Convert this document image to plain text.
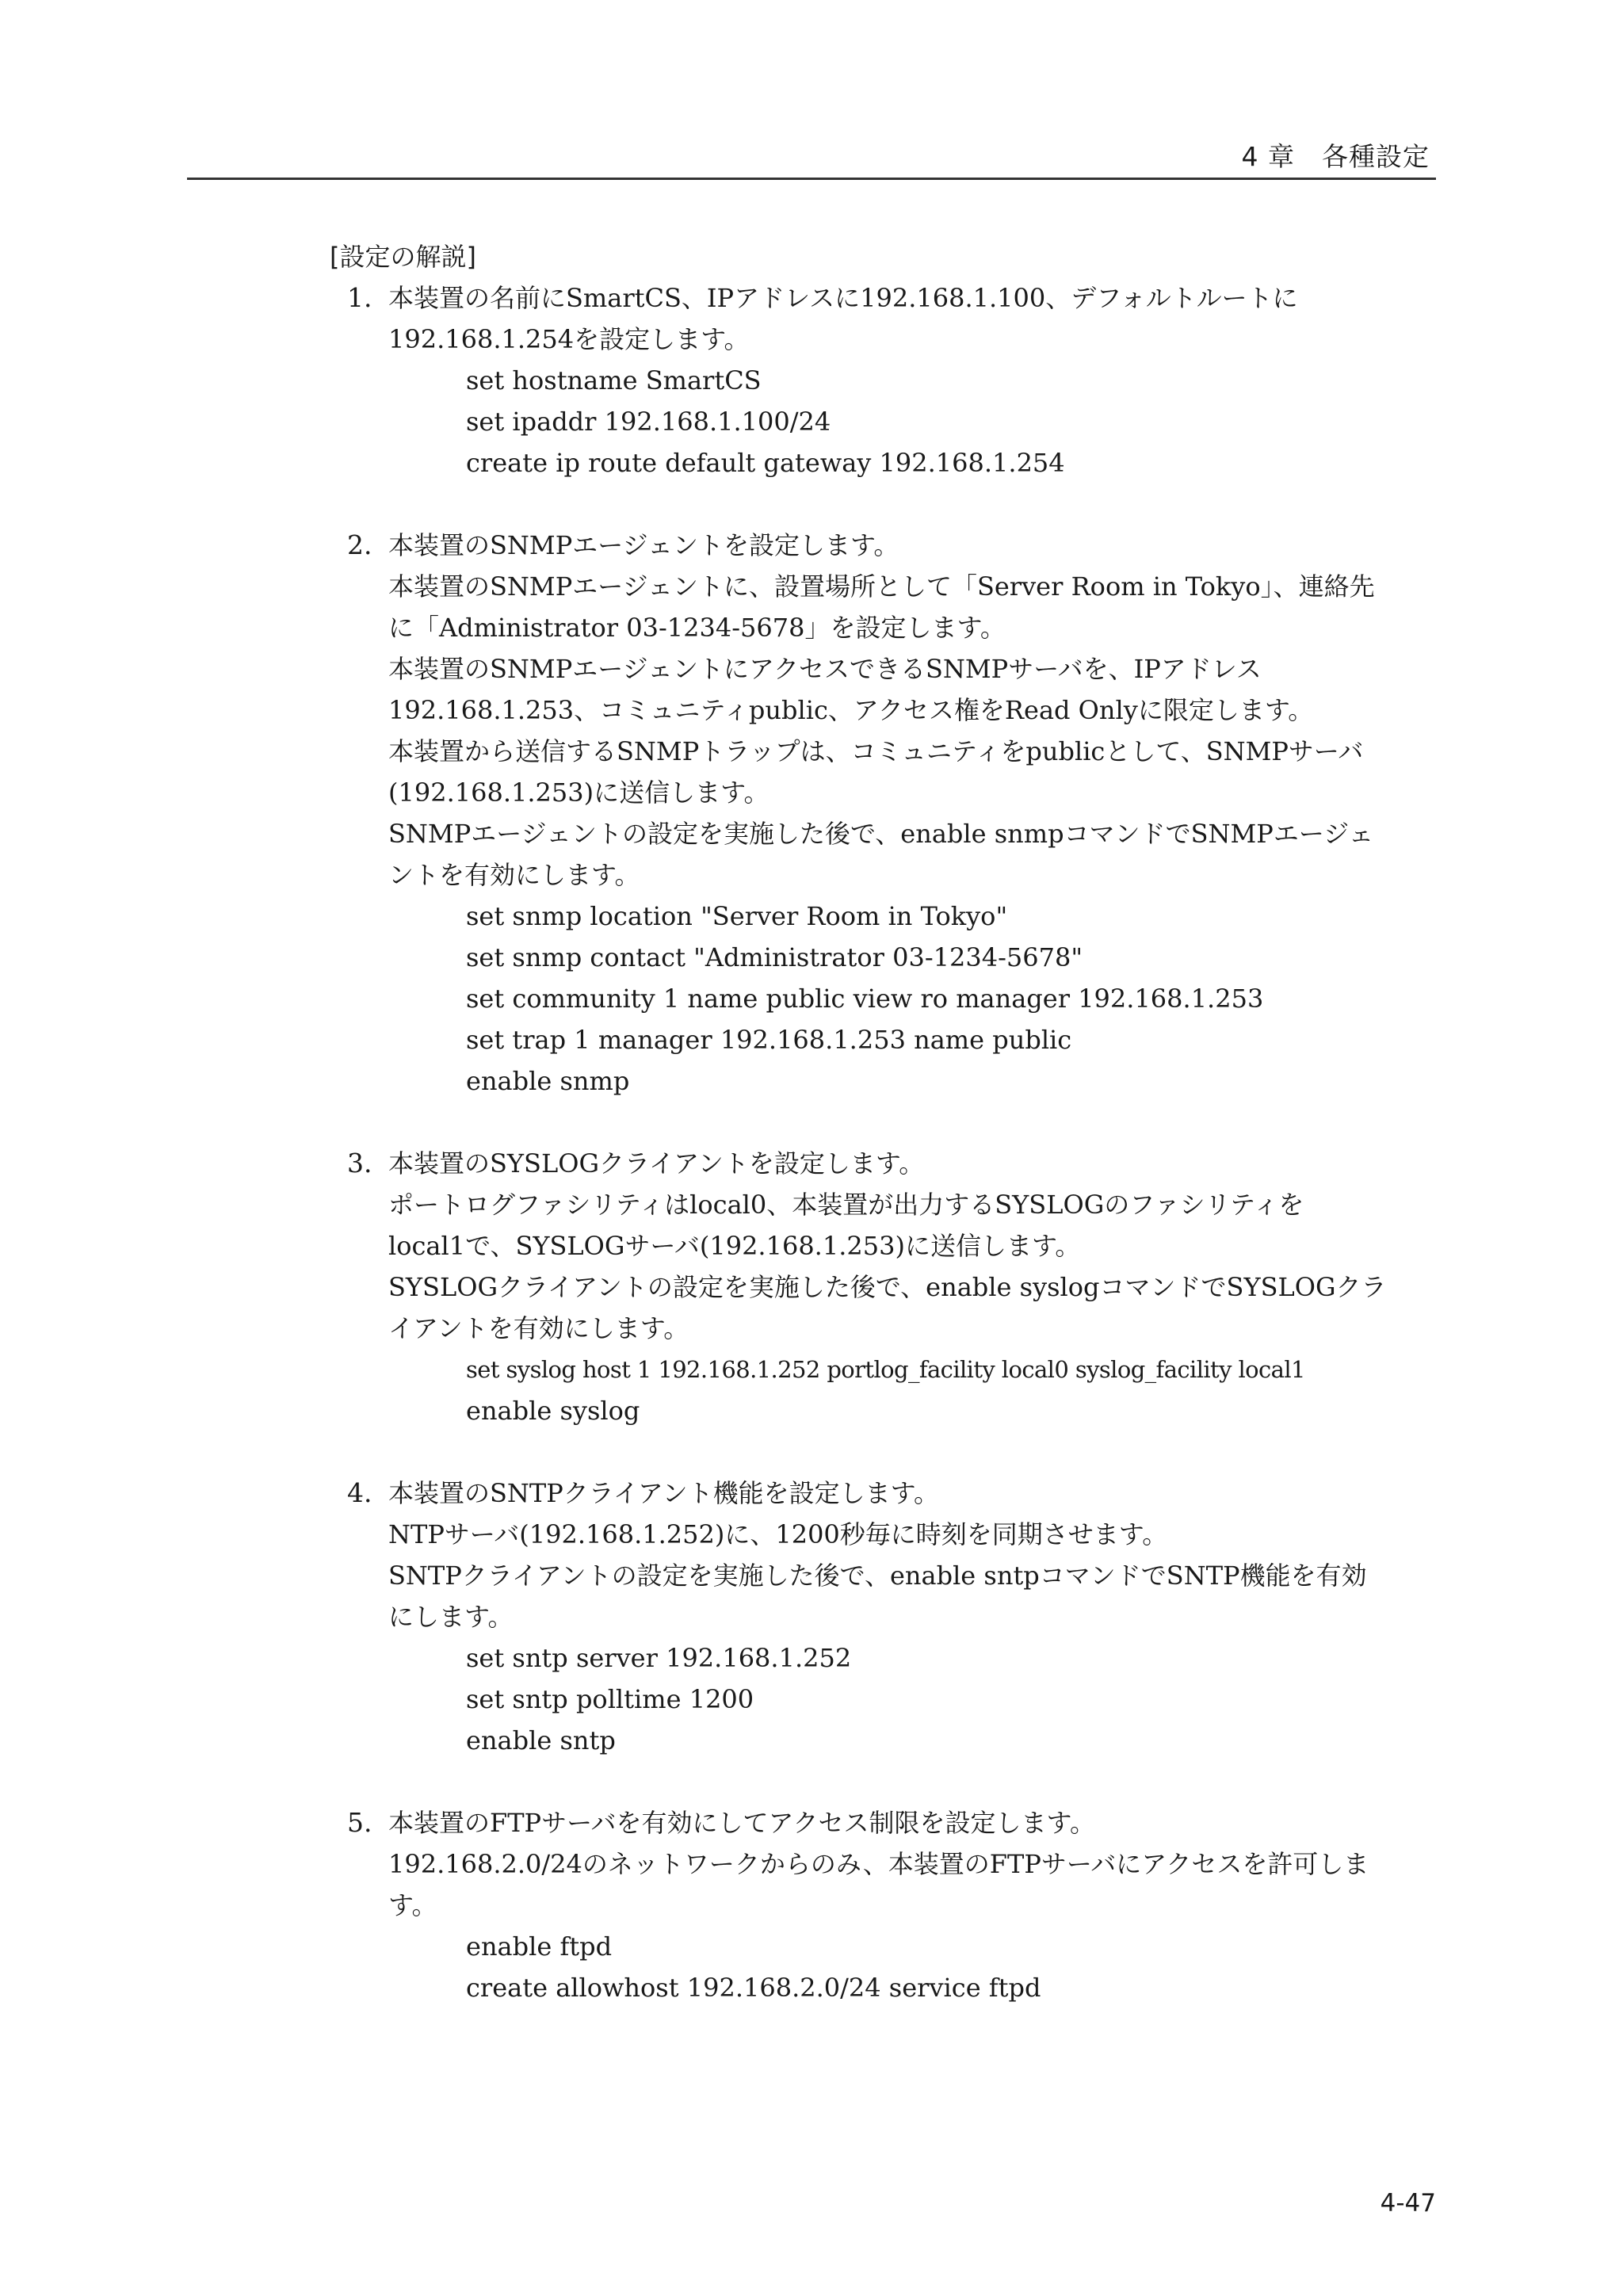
4 章　各種設定
[設定の解説]
1. 本装置の名前にSmartCS、IPアドレスに192.168.1.100、デフォルトルートに

192.168.1.254を設定します。

set hostname SmartCS
set ipaddr 192.168.1.100/24
create ip route default gateway 192.168.1.254
2. 本装置のSNMPエージェントを設定します。

本装置のSNMPエージェントに、設置場所として「Server Room in Tokyo」、連絡先

に「Administrator 03-1234-5678」を設定します。

本装置のSNMPエージェントにアクセスできるSNMPサーバを、IPアドレス

192.168.1.253、コミュニティpublic、アクセス権をRead Onlyに限定します。

本装置から送信するSNMPトラップは、コミュニティをpublicとして、SNMPサーバ

(192.168.1.253)に送信します。

SNMPエージェントの設定を実施した後で、enable snmpコマンドでSNMPエージェ

ントを有効にします。

set snmp location "Server Room in Tokyo"
set snmp contact "Administrator 03-1234-5678"
set community 1 name public view ro manager 192.168.1.253
set trap 1 manager 192.168.1.253 name public
enable snmp
3. 本装置のSYSLOGクライアントを設定します。

ポートログファシリティはlocal0、本装置が出力するSYSLOGのファシリティを

local1で、SYSLOGサーバ(192.168.1.253)に送信します。

SYSLOGクライアントの設定を実施した後で、enable syslogコマンドでSYSLOGクラ

イアントを有効にします。

set syslog host 1 192.168.1.252 portlog_facility local0 syslog_facility local1
enable syslog
4. 本装置のSNTPクライアント機能を設定します。

NTPサーバ(192.168.1.252)に、1200秒毎に時刻を同期させます。

SNTPクライアントの設定を実施した後で、enable sntpコマンドでSNTP機能を有効

にします。

set sntp server 192.168.1.252
set sntp polltime 1200
enable sntp
5. 本装置のFTPサーバを有効にしてアクセス制限を設定します。

192.168.2.0/24のネットワークからのみ、本装置のFTPサーバにアクセスを許可しま

す。

enable ftpd
create allowhost 192.168.2.0/24 service ftpd
4-47
